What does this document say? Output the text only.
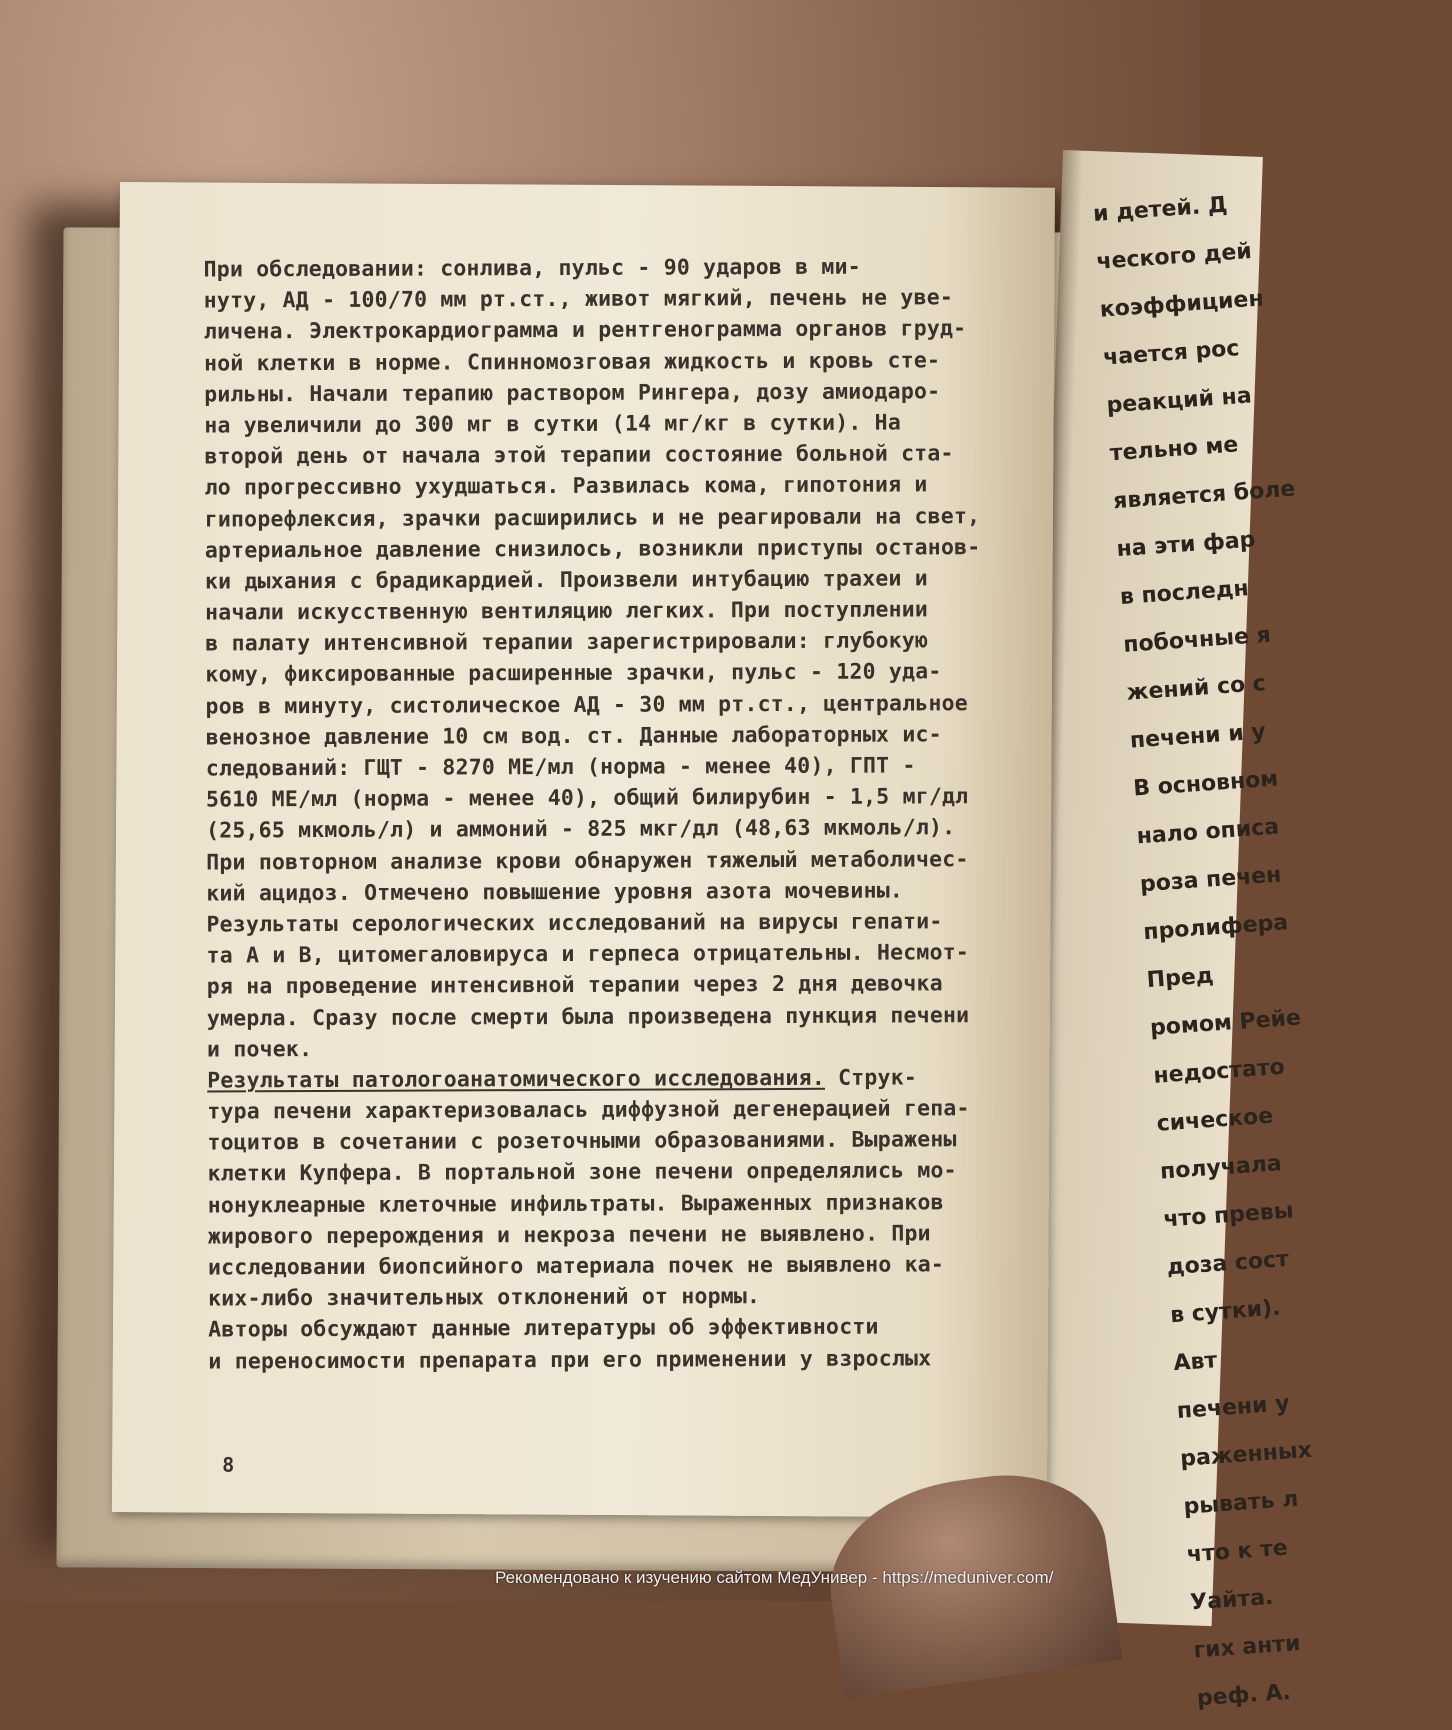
и детей. Д
ческого дей
коэффициен
чается рос
реакций на
тельно ме
является боле
на эти фар
в последн
побочные я
жений со с
печени и у
В основном
нало описа
роза печен
пролифера
Пред
ромом Рейе
недостато
сическое
получала
что превы
доза сост
в сутки).
Авт
печени у
раженных
рывать л
что к те
Уайта.
гих анти
реф. А.
При обследовании: сонлива, пульс - 90 ударов в ми-
нуту, АД - 100/70 мм рт.ст., живот мягкий, печень не уве-
личена. Электрокардиограмма и рентгенограмма органов груд-
ной клетки в норме. Спинномозговая жидкость и кровь сте-
рильны. Начали терапию раствором Рингера, дозу амиодаро-
на увеличили до 300 мг в сутки (14 мг/кг в сутки). На
второй день от начала этой терапии состояние больной ста-
ло прогрессивно ухудшаться. Развилась кома, гипотония и
гипорефлексия, зрачки расширились и не реагировали на свет,
артериальное давление снизилось, возникли приступы останов-
ки дыхания с брадикардией. Произвели интубацию трахеи и
начали искусственную вентиляцию легких. При поступлении
в палату интенсивной терапии зарегистрировали: глубокую
кому, фиксированные расширенные зрачки, пульс - 120 уда-
ров в минуту, систолическое АД - 30 мм рт.ст., центральное
венозное давление 10 см вод. ст. Данные лабораторных ис-
следований: ГЩТ - 8270 МЕ/мл (норма - менее 40), ГПТ -
5610 МЕ/мл (норма - менее 40), общий билирубин - 1,5 мг/дл
(25,65 мкмоль/л) и аммоний - 825 мкг/дл (48,63 мкмоль/л).
При повторном анализе крови обнаружен тяжелый метаболичес-
кий ацидоз. Отмечено повышение уровня азота мочевины.
Результаты серологических исследований на вирусы гепати-
та А и В, цитомегаловируса и герпеса отрицательны. Несмот-
ря на проведение интенсивной терапии через 2 дня девочка
умерла. Сразу после смерти была произведена пункция печени
и почек.
Результаты патологоанатомического исследования. Струк-
тура печени характеризовалась диффузной дегенерацией гепа-
тоцитов в сочетании с розеточными образованиями. Выражены
клетки Купфера. В портальной зоне печени определялись мо-
нонуклеарные клеточные инфильтраты. Выраженных признаков
жирового перерождения и некроза печени не выявлено. При
исследовании биопсийного материала почек не выявлено ка-
ких-либо значительных отклонений от нормы.
Авторы обсуждают данные литературы об эффективности
и переносимости препарата при его применении у взрослых
8
Рекомендовано к изучению сайтом МедУнивер - https://meduniver.com/
